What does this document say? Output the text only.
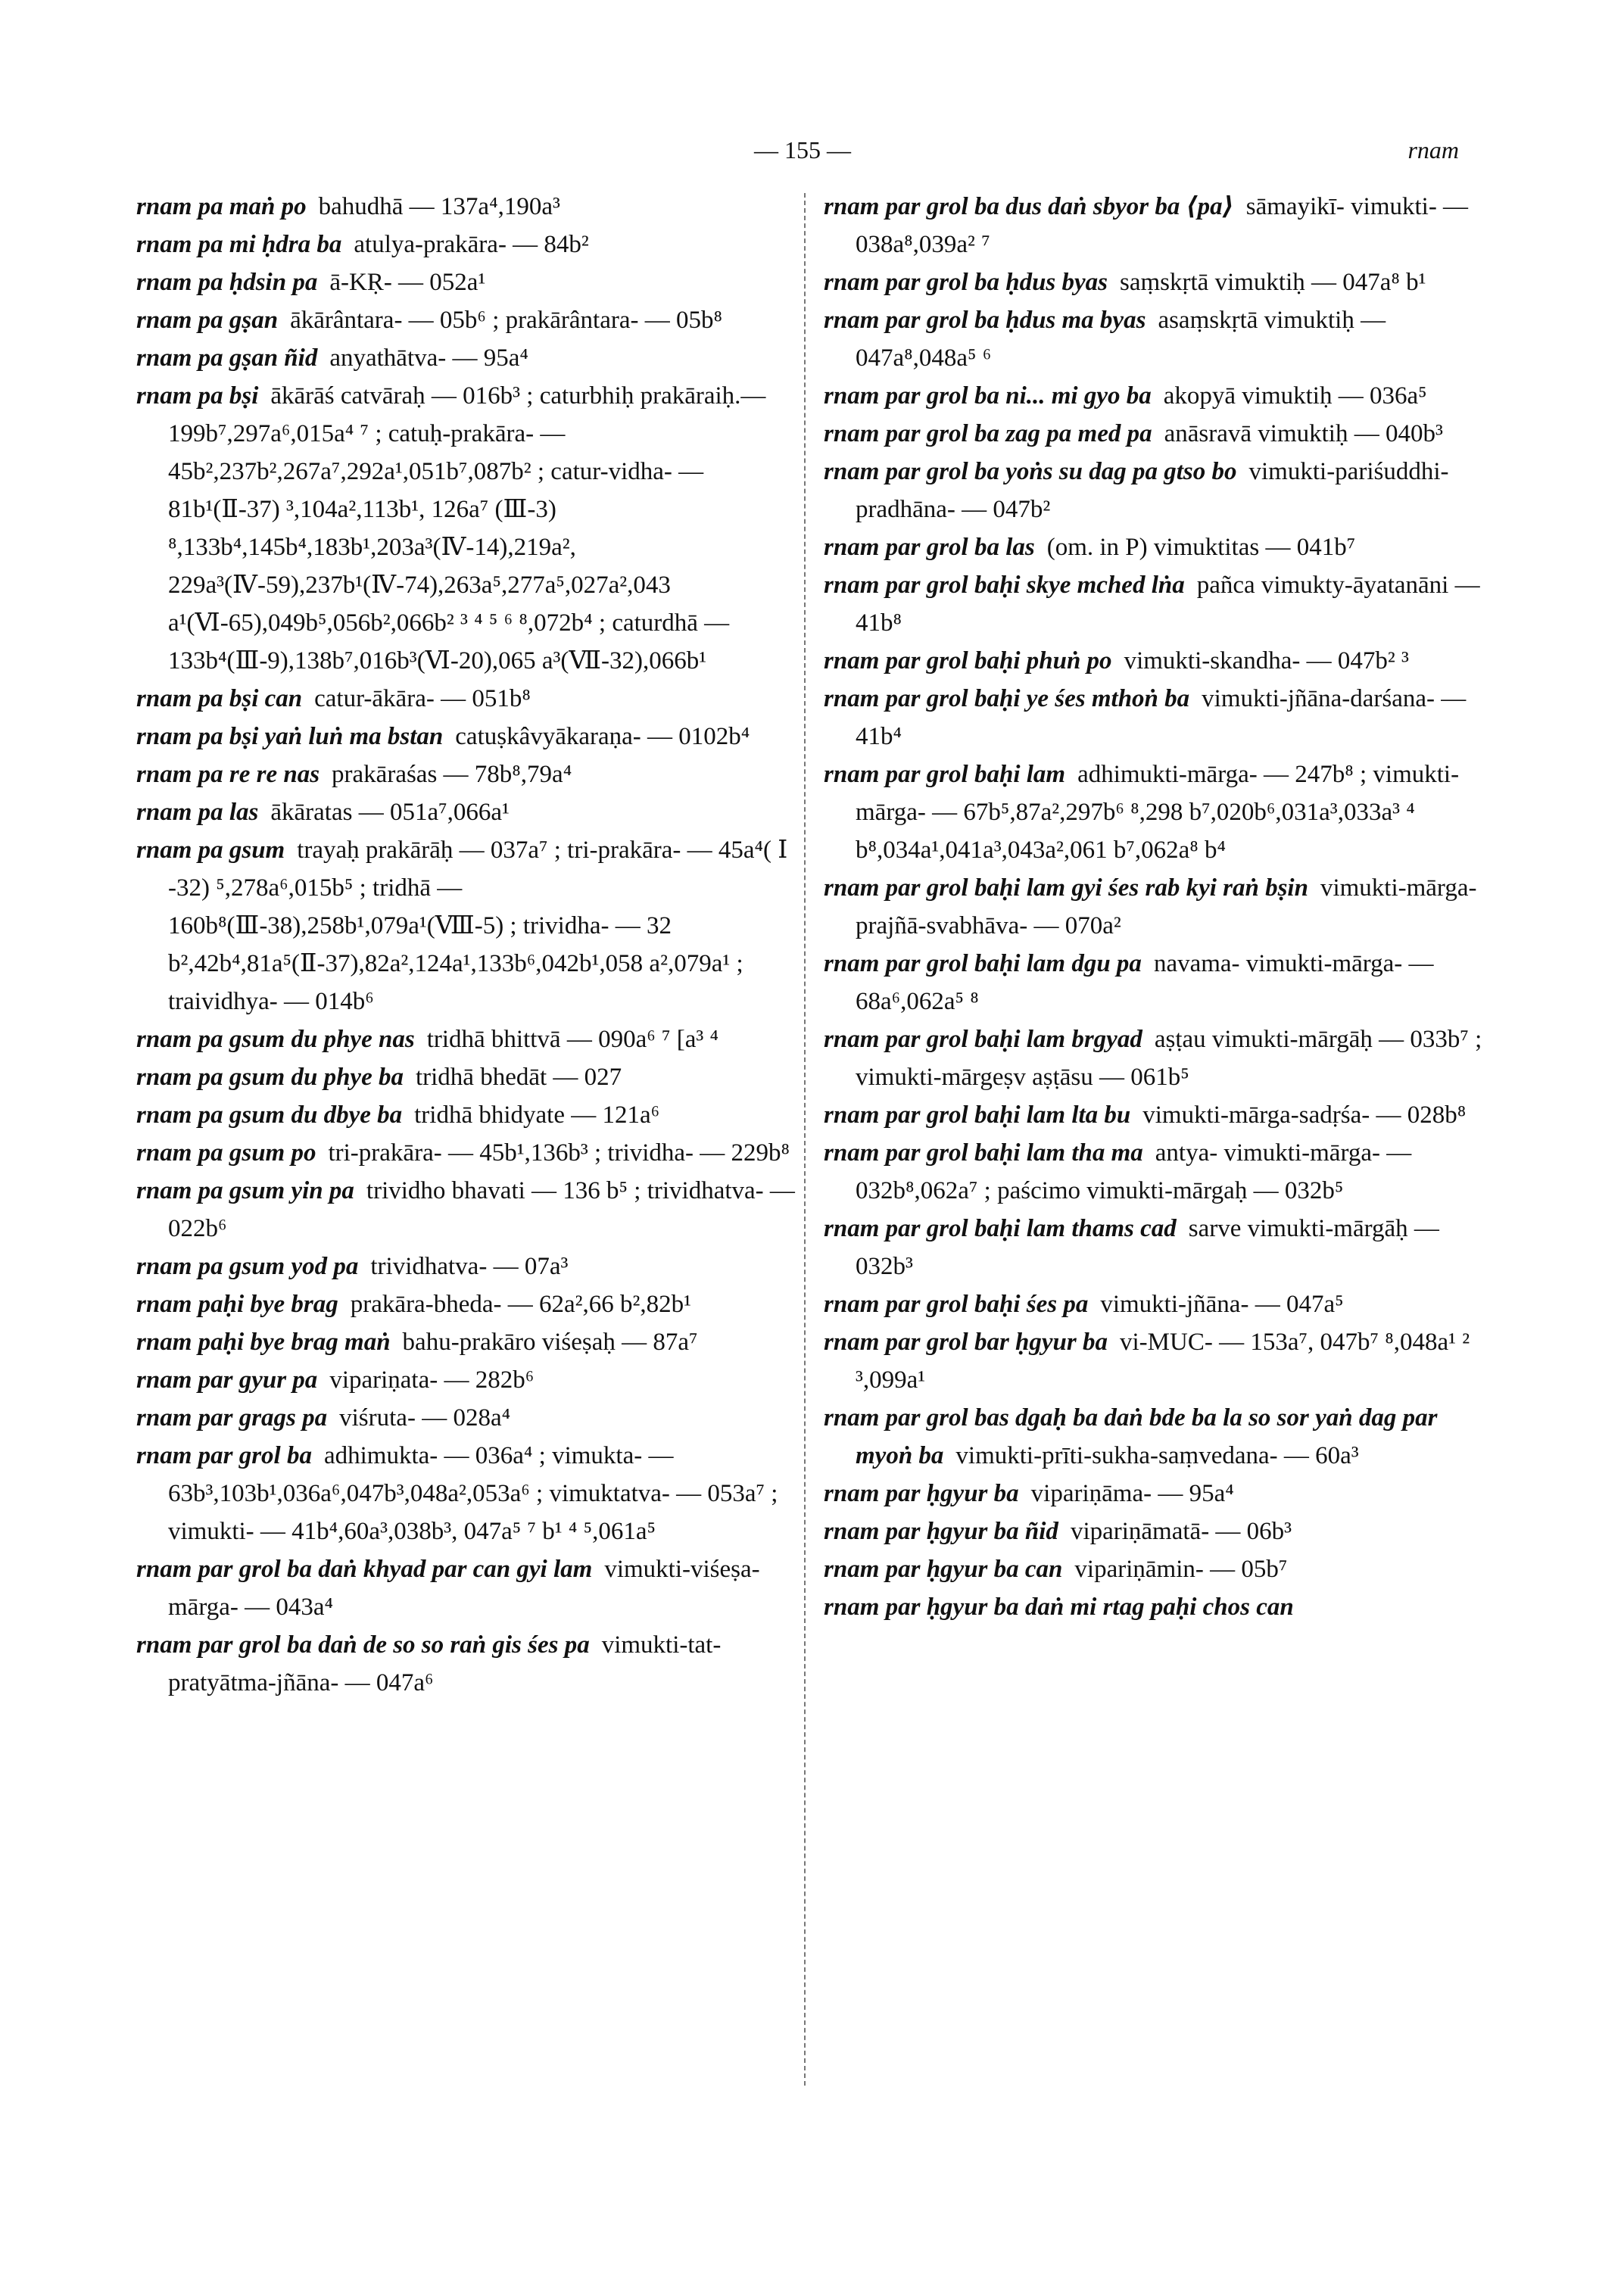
— 155 —	rnam

rnam pa maṅ po bahudhā — 137a⁴,190a³

rnam pa mi ḥdra ba atulya-prakāra- — 84b²

rnam pa ḥdsin pa ā-KṚ- — 052a¹

rnam pa gṣan ākārântara- — 05b⁶ ; prakārântara- — 05b⁸

rnam pa gṣan ñid anyathātva- — 95a⁴

rnam pa bṣi ākārāś catvāraḥ — 016b³ ; caturbhiḥ prakāraiḥ.— 199b⁷,297a⁶,015a⁴ ⁷ ; catuḥ-prakāra- — 45b²,237b²,267a⁷,292a¹,051b⁷,087b² ; catur-vidha- — 81b¹(Ⅱ-37) ³,104a²,113b¹, 126a⁷ (Ⅲ-3) ⁸,133b⁴,145b⁴,183b¹,203a³(Ⅳ-14),219a², 229a³(Ⅳ-59),237b¹(Ⅳ-74),263a⁵,277a⁵,027a²,043 a¹(Ⅵ-65),049b⁵,056b²,066b² ³ ⁴ ⁵ ⁶ ⁸,072b⁴ ; caturdhā — 133b⁴(Ⅲ-9),138b⁷,016b³(Ⅵ-20),065 a³(Ⅶ-32),066b¹

rnam pa bṣi can catur-ākāra- — 051b⁸

rnam pa bṣi yaṅ luṅ ma bstan catuṣkâvyākaraṇa- — 0102b⁴

rnam pa re re nas prakāraśas — 78b⁸,79a⁴

rnam pa las ākāratas — 051a⁷,066a¹

rnam pa gsum trayaḥ prakārāḥ — 037a⁷ ; tri-prakāra- — 45a⁴( Ⅰ -32) ⁵,278a⁶,015b⁵ ; tridhā — 160b⁸(Ⅲ-38),258b¹,079a¹(Ⅷ-5) ; trividha- — 32 b²,42b⁴,81a⁵(Ⅱ-37),82a²,124a¹,133b⁶,042b¹,058 a²,079a¹ ; traividhya- — 014b⁶

rnam pa gsum du phye nas tridhā bhittvā — 090a⁶ ⁷ [a³ ⁴

rnam pa gsum du phye ba tridhā bhedāt — 027

rnam pa gsum du dbye ba tridhā bhidyate — 121a⁶

rnam pa gsum po tri-prakāra- — 45b¹,136b³ ; trividha- — 229b⁸

rnam pa gsum yin pa trividho bhavati — 136 b⁵ ; trividhatva- — 022b⁶

rnam pa gsum yod pa trividhatva- — 07a³

rnam paḥi bye brag prakāra-bheda- — 62a²,66 b²,82b¹

rnam paḥi bye brag maṅ bahu-prakāro viśeṣaḥ — 87a⁷

rnam par gyur pa vipariṇata- — 282b⁶

rnam par grags pa viśruta- — 028a⁴

rnam par grol ba adhimukta- — 036a⁴ ; vimukta- — 63b³,103b¹,036a⁶,047b³,048a²,053a⁶ ; vimuktatva- — 053a⁷ ; vimukti- — 41b⁴,60a³,038b³, 047a⁵ ⁷ b¹ ⁴ ⁵,061a⁵

rnam par grol ba daṅ khyad par can gyi lam vimukti-viśeṣa-mārga- — 043a⁴

rnam par grol ba daṅ de so so raṅ gis śes pa vimukti-tat-pratyātma-jñāna- — 047a⁶

rnam par grol ba dus daṅ sbyor ba ⟨pa⟩ sāmayikī- vimukti- — 038a⁸,039a² ⁷

rnam par grol ba ḥdus byas saṃskṛtā vimuktiḥ — 047a⁸ b¹

rnam par grol ba ḥdus ma byas asaṃskṛtā vimuktiḥ — 047a⁸,048a⁵ ⁶

rnam par grol ba ni... mi gyo ba akopyā vimuktiḥ — 036a⁵

rnam par grol ba zag pa med pa anāsravā vimuktiḥ — 040b³

rnam par grol ba yoṅs su dag pa gtso bo vimukti-pariśuddhi-pradhāna- — 047b²

rnam par grol ba las (om. in P) vimuktitas — 041b⁷

rnam par grol baḥi skye mched lṅa pañca vimukty-āyatanāni — 41b⁸

rnam par grol baḥi phuṅ po vimukti-skandha- — 047b² ³

rnam par grol baḥi ye śes mthoṅ ba vimukti-jñāna-darśana- — 41b⁴

rnam par grol baḥi lam adhimukti-mārga- — 247b⁸ ; vimukti-mārga- — 67b⁵,87a²,297b⁶ ⁸,298 b⁷,020b⁶,031a³,033a³ ⁴ b⁸,034a¹,041a³,043a²,061 b⁷,062a⁸ b⁴

rnam par grol baḥi lam gyi śes rab kyi raṅ bṣin vimukti-mārga-prajñā-svabhāva- — 070a²

rnam par grol baḥi lam dgu pa navama- vimukti-mārga- — 68a⁶,062a⁵ ⁸

rnam par grol baḥi lam brgyad aṣṭau vimukti-mārgāḥ — 033b⁷ ; vimukti-mārgeṣv aṣṭāsu — 061b⁵

rnam par grol baḥi lam lta bu vimukti-mārga-sadṛśa- — 028b⁸

rnam par grol baḥi lam tha ma antya- vimukti-mārga- — 032b⁸,062a⁷ ; paścimo vimukti-mārgaḥ — 032b⁵

rnam par grol baḥi lam thams cad sarve vimukti-mārgāḥ — 032b³

rnam par grol baḥi śes pa vimukti-jñāna- — 047a⁵

rnam par grol bar ḥgyur ba vi-MUC- — 153a⁷, 047b⁷ ⁸,048a¹ ² ³,099a¹

rnam par grol bas dgaḥ ba daṅ bde ba la so sor yaṅ dag par myoṅ ba vimukti-prīti-sukha-saṃvedana- — 60a³

rnam par ḥgyur ba vipariṇāma- — 95a⁴

rnam par ḥgyur ba ñid vipariṇāmatā- — 06b³

rnam par ḥgyur ba can vipariṇāmin- — 05b⁷

rnam par ḥgyur ba daṅ mi rtag paḥi chos can
